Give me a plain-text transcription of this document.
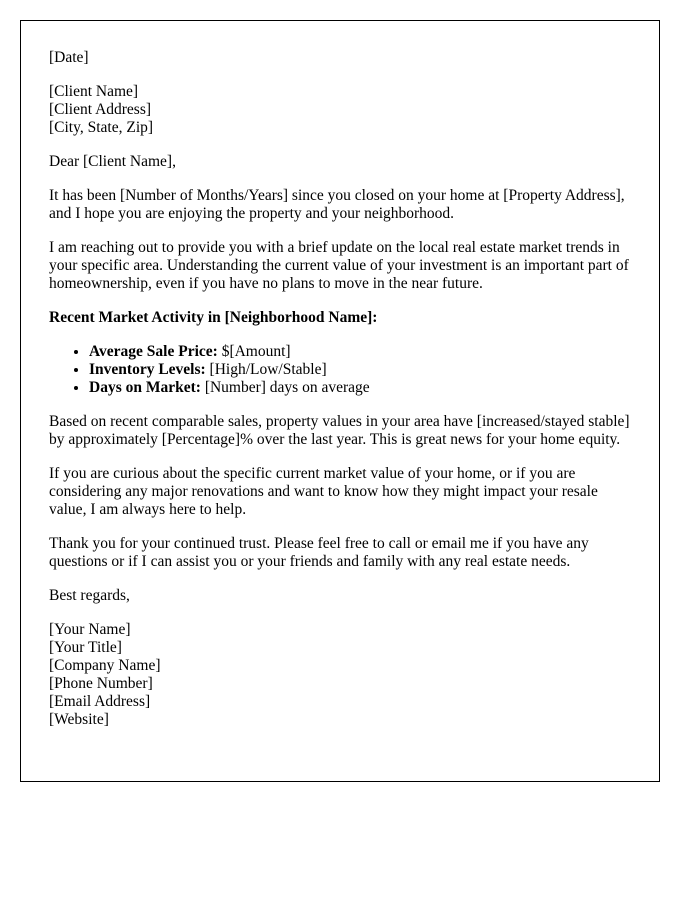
[Date]

[Client Name]
[Client Address]
[City, State, Zip]

Dear [Client Name],

It has been [Number of Months/Years] since you closed on your home at [Property Address], and I hope you are enjoying the property and your neighborhood.

I am reaching out to provide you with a brief update on the local real estate market trends in your specific area. Understanding the current value of your investment is an important part of homeownership, even if you have no plans to move in the near future.

Recent Market Activity in [Neighborhood Name]:

• Average Sale Price: $[Amount]
• Inventory Levels: [High/Low/Stable]
• Days on Market: [Number] days on average

Based on recent comparable sales, property values in your area have [increased/stayed stable] by approximately [Percentage]% over the last year. This is great news for your home equity.

If you are curious about the specific current market value of your home, or if you are considering any major renovations and want to know how they might impact your resale value, I am always here to help.

Thank you for your continued trust. Please feel free to call or email me if you have any questions or if I can assist you or your friends and family with any real estate needs.

Best regards,

[Your Name]
[Your Title]
[Company Name]
[Phone Number]
[Email Address]
[Website]
